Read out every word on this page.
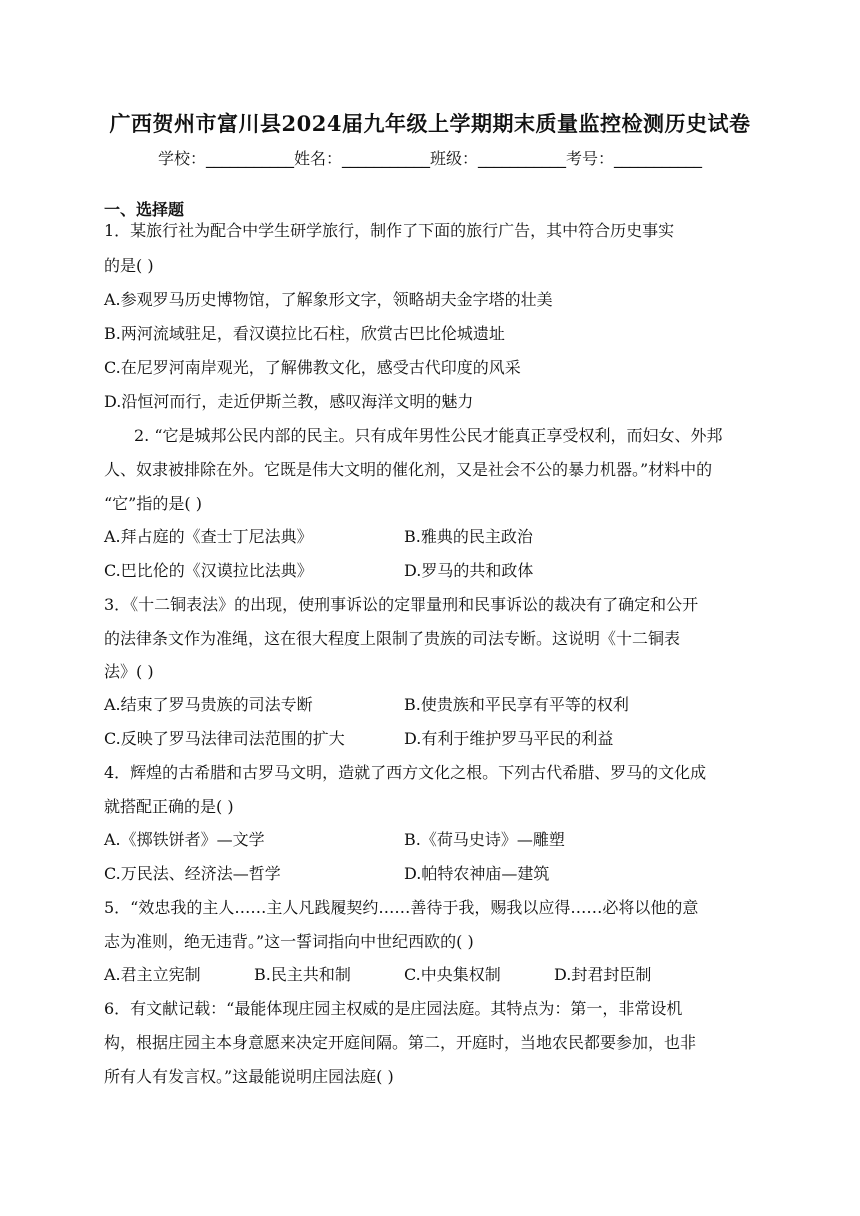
广西贺州市富川县2024届九年级上学期期末质量监控检测历史试卷
学校：___________姓名：___________班级：___________考号：___________
一、选择题
1．某旅行社为配合中学生研学旅行，制作了下面的旅行广告，其中符合历史事实
的是( )
A.参观罗马历史博物馆，了解象形文字，领略胡夫金字塔的壮美
B.两河流域驻足，看汉谟拉比石柱，欣赏古巴比伦城遗址
C.在尼罗河南岸观光，了解佛教文化，感受古代印度的风采
D.沿恒河而行，走近伊斯兰教，感叹海洋文明的魅力
2. “它是城邦公民内部的民主。只有成年男性公民才能真正享受权利，而妇女、外邦
人、奴隶被排除在外。它既是伟大文明的催化剂，又是社会不公的暴力机器。”材料中的
“它”指的是( )
A.拜占庭的《查士丁尼法典》	B.雅典的民主政治
C.巴比伦的《汉谟拉比法典》	D.罗马的共和政体
3．《十二铜表法》的出现，使刑事诉讼的定罪量刑和民事诉讼的裁决有了确定和公开
的法律条文作为准绳，这在很大程度上限制了贵族的司法专断。这说明《十二铜表
法》( )
A.结束了罗马贵族的司法专断	B.使贵族和平民享有平等的权利
C.反映了罗马法律司法范围的扩大	D.有利于维护罗马平民的利益
4．辉煌的古希腊和古罗马文明，造就了西方文化之根。下列古代希腊、罗马的文化成
就搭配正确的是( )
A.《掷铁饼者》—文学	B.《荷马史诗》—雕塑
C.万民法、经济法—哲学	D.帕特农神庙—建筑
5．“效忠我的主人……主人凡践履契约……善待于我，赐我以应得……必将以他的意
志为准则，绝无违背。”这一誓词指向中世纪西欧的( )
A.君主立宪制	B.民主共和制	C.中央集权制	D.封君封臣制
6．有文献记载：“最能体现庄园主权威的是庄园法庭。其特点为：第一，非常设机
构，根据庄园主本身意愿来决定开庭间隔。第二，开庭时，当地农民都要参加，也非
所有人有发言权。”这最能说明庄园法庭( )
